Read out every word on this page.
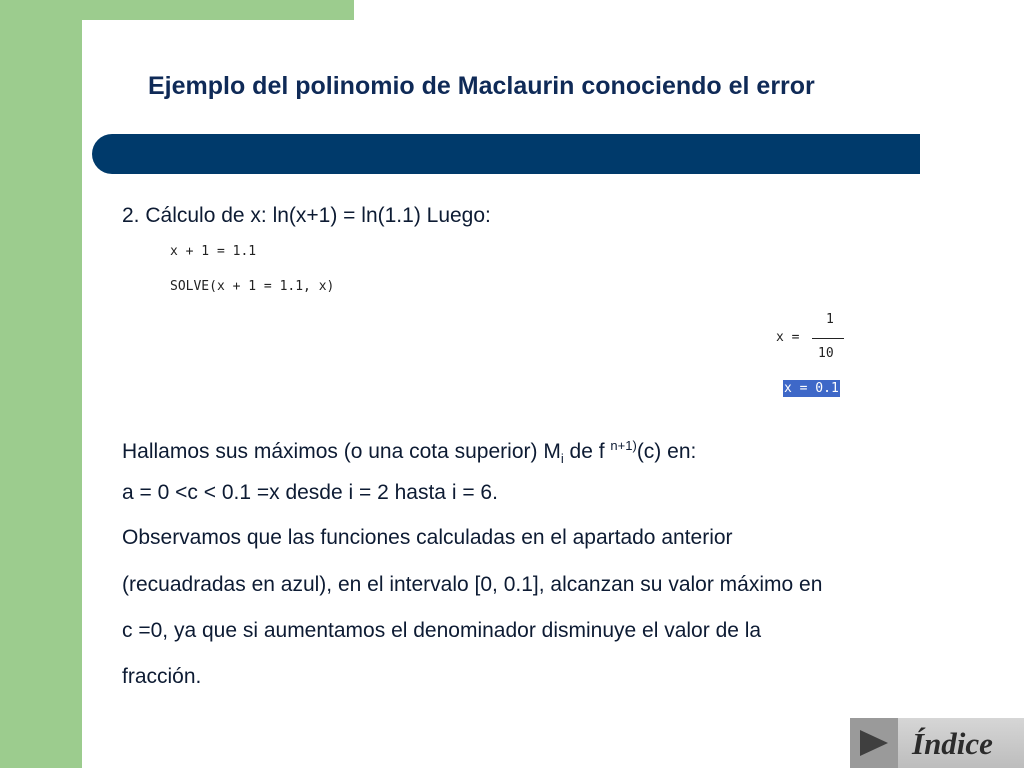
Ejemplo del polinomio de Maclaurin conociendo el error
2. Cálculo de x: ln(x+1) = ln(1.1) Luego:
x + 1 = 1.1
SOLVE(x + 1 = 1.1, x)
x =
1
10
x = 0.1
Hallamos sus máximos (o una cota superior) $M_i$ de f $^{n+1)}$(c) en:
a = 0 <c < 0.1 =x desde i = 2 hasta i = 6.
Observamos que las funciones calculadas en el apartado anterior
(recuadradas en azul), en el intervalo [0, 0.1], alcanzan su valor máximo en
c =0, ya que si aumentamos el denominador disminuye el valor de la
fracción.
Índice
